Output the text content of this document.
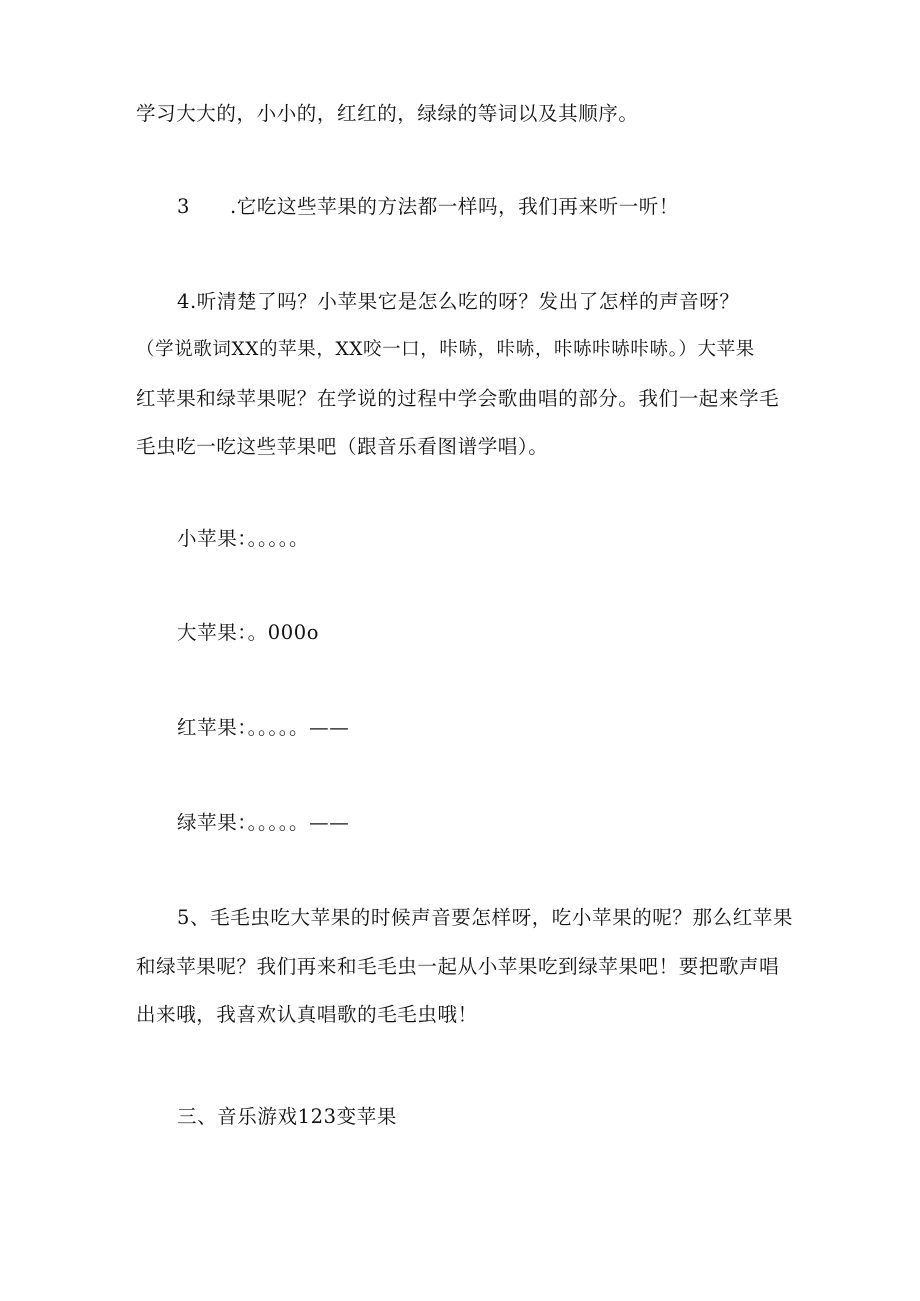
学习大大的，小小的，红红的，绿绿的等词以及其顺序。
3 .它吃这些苹果的方法都一样吗，我们再来听一听！
4.听清楚了吗？小苹果它是怎么吃的呀？发出了怎样的声音呀？
（学说歌词XX的苹果，XX咬一口，咔哧，咔哧，咔哧咔哧咔哧。）大苹果
红苹果和绿苹果呢？在学说的过程中学会歌曲唱的部分。我们一起来学毛
毛虫吃一吃这些苹果吧（跟音乐看图谱学唱）。
小苹果：。。。。。
大苹果：。000o
红苹果：。。。。。——
绿苹果：。。。。。——
5、毛毛虫吃大苹果的时候声音要怎样呀，吃小苹果的呢？那么红苹果
和绿苹果呢？我们再来和毛毛虫一起从小苹果吃到绿苹果吧！要把歌声唱
出来哦，我喜欢认真唱歌的毛毛虫哦！
三、音乐游戏123变苹果
